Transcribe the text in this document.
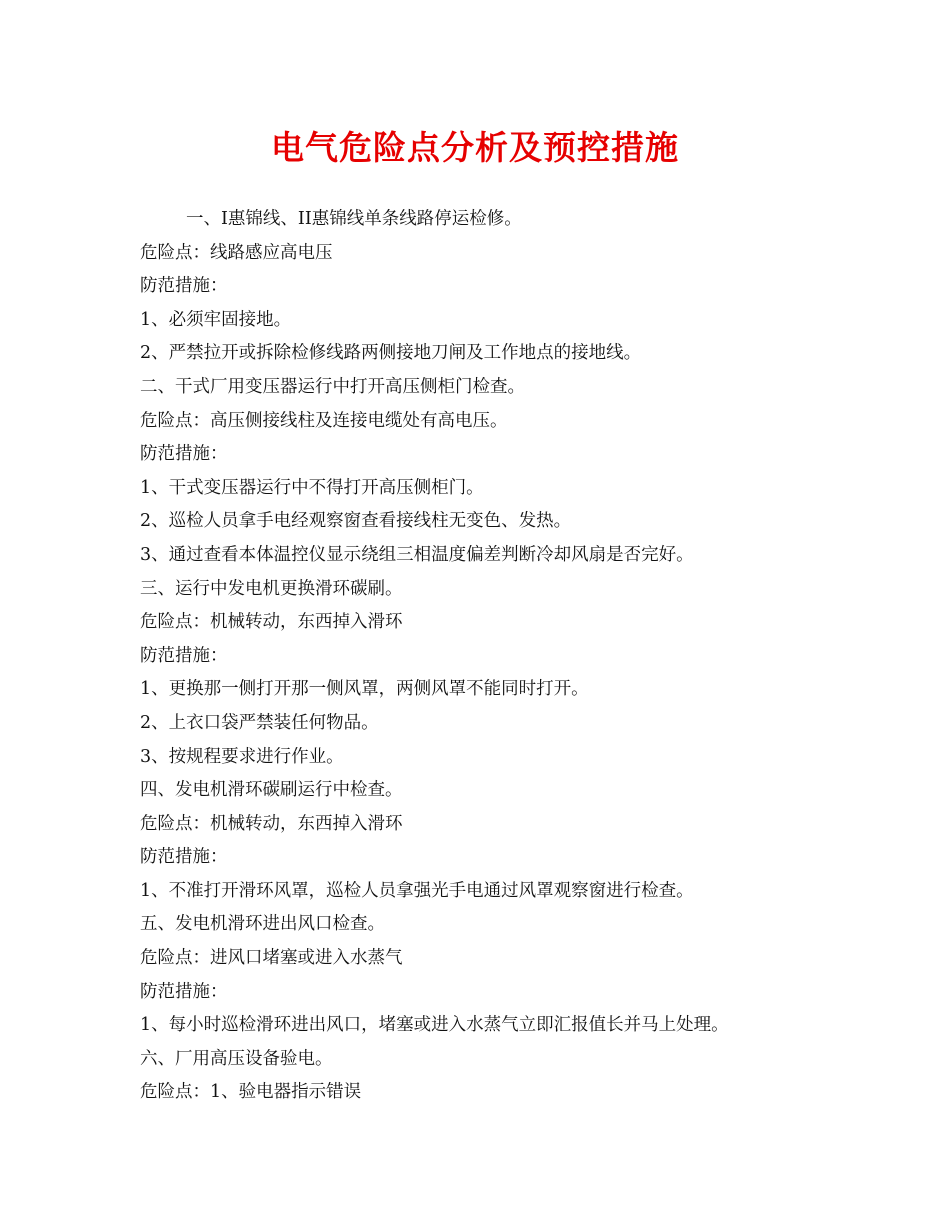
电气危险点分析及预控措施
一、I惠锦线、II惠锦线单条线路停运检修。
危险点：线路感应高电压
防范措施：
1、必须牢固接地。
2、严禁拉开或拆除检修线路两侧接地刀闸及工作地点的接地线。
二、干式厂用变压器运行中打开高压侧柜门检查。
危险点：高压侧接线柱及连接电缆处有高电压。
防范措施：
1、干式变压器运行中不得打开高压侧柜门。
2、巡检人员拿手电经观察窗查看接线柱无变色、发热。
3、通过查看本体温控仪显示绕组三相温度偏差判断冷却风扇是否完好。
三、运行中发电机更换滑环碳刷。
危险点：机械转动，东西掉入滑环
防范措施：
1、更换那一侧打开那一侧风罩，两侧风罩不能同时打开。
2、上衣口袋严禁装任何物品。
3、按规程要求进行作业。
四、发电机滑环碳刷运行中检查。
危险点：机械转动，东西掉入滑环
防范措施：
1、不准打开滑环风罩，巡检人员拿强光手电通过风罩观察窗进行检查。
五、发电机滑环进出风口检查。
危险点：进风口堵塞或进入水蒸气
防范措施：
1、每小时巡检滑环进出风口，堵塞或进入水蒸气立即汇报值长并马上处理。
六、厂用高压设备验电。
危险点：1、验电器指示错误
